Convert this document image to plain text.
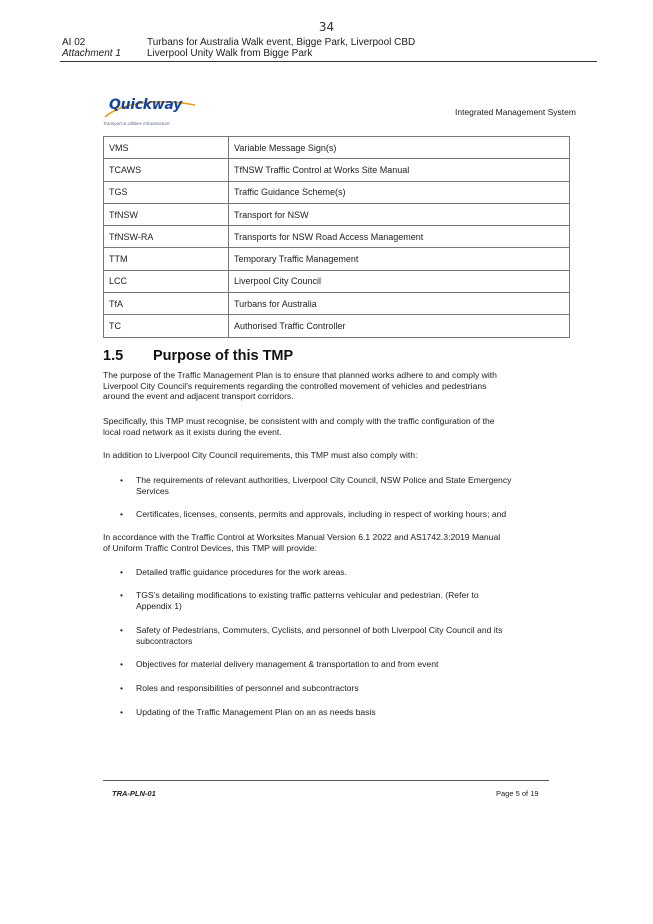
34
AI 02
Attachment 1
Turbans for Australia Walk event, Bigge Park, Liverpool CBD
Liverpool Unity Walk from Bigge Park
Quickway
Transport & Utilities Infrastructure
Integrated Management System
VMS	Variable Message Sign(s)
TCAWS	TfNSW Traffic Control at Works Site Manual
TGS	Traffic Guidance Scheme(s)
TfNSW	Transport for NSW
TfNSW-RA	Transports for NSW Road Access Management
TTM	Temporary Traffic Management
LCC	Liverpool City Council
TfA	Turbans for Australia
TC	Authorised Traffic Controller
1.5 Purpose of this TMP
The purpose of the Traffic Management Plan is to ensure that planned works adhere to and comply with
Liverpool City Council’s requirements regarding the controlled movement of vehicles and pedestrians
around the event and adjacent transport corridors.
Specifically, this TMP must recognise, be consistent with and comply with the traffic configuration of the
local road network as it exists during the event.
In addition to Liverpool City Council requirements, this TMP must also comply with:
• The requirements of relevant authorities, Liverpool City Council, NSW Police and State Emergency
Services
• Certificates, licenses, consents, permits and approvals, including in respect of working hours; and
In accordance with the Traffic Control at Worksites Manual Version 6.1 2022 and AS1742.3:2019 Manual
of Uniform Traffic Control Devices, this TMP will provide:
• Detailed traffic guidance procedures for the work areas.
• TGS’s detailing modifications to existing traffic patterns vehicular and pedestrian. (Refer to
Appendix 1)
• Safety of Pedestrians, Commuters, Cyclists, and personnel of both Liverpool City Council and its
subcontractors
• Objectives for material delivery management & transportation to and from event
• Roles and responsibilities of personnel and subcontractors
• Updating of the Traffic Management Plan on an as needs basis
TRA-PLN-01	Page 5 of 19
